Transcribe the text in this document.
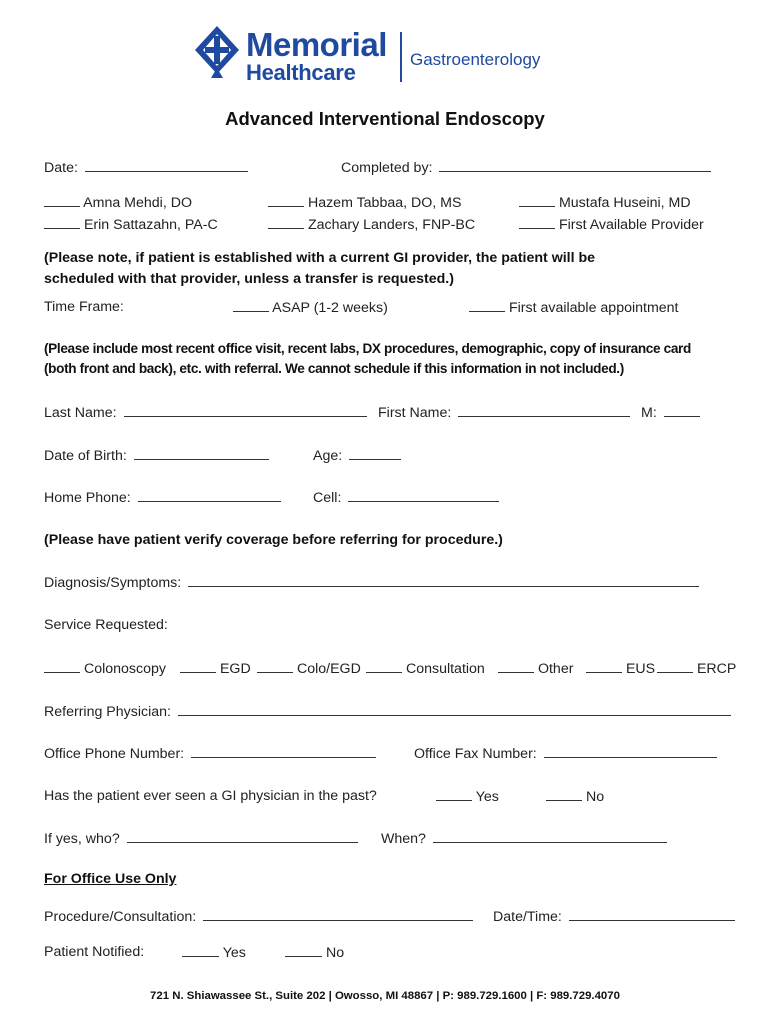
Memorial
Healthcare
Gastroenterology
Advanced Interventional Endoscopy
Date:	Completed by:
Amna Mehdi, DO	Hazem Tabbaa, DO, MS	Mustafa Huseini, MD
Erin Sattazahn, PA-C	Zachary Landers, FNP-BC	First Available Provider
(Please note, if patient is established with a current GI provider, the patient will be
scheduled with that provider, unless a transfer is requested.)
Time Frame:	ASAP (1-2 weeks)	First available appointment
(Please include most recent office visit, recent labs, DX procedures, demographic, copy of insurance card
(both front and back), etc. with referral. We cannot schedule if this information in not included.)
Last Name:	First Name:	M:
Date of Birth:	Age:
Home Phone:	Cell:
(Please have patient verify coverage before referring for procedure.)
Diagnosis/Symptoms:
Service Requested:
Colonoscopy	EGD	Colo/EGD	Consultation	Other	EUS	ERCP
Referring Physician:
Office Phone Number:	Office Fax Number:
Has the patient ever seen a GI physician in the past?	Yes	No
If yes, who?	When?
For Office Use Only
Procedure/Consultation:	Date/Time:
Patient Notified:	Yes	No
721 N. Shiawassee St., Suite 202 | Owosso, MI 48867 | P: 989.729.1600 | F: 989.729.4070
